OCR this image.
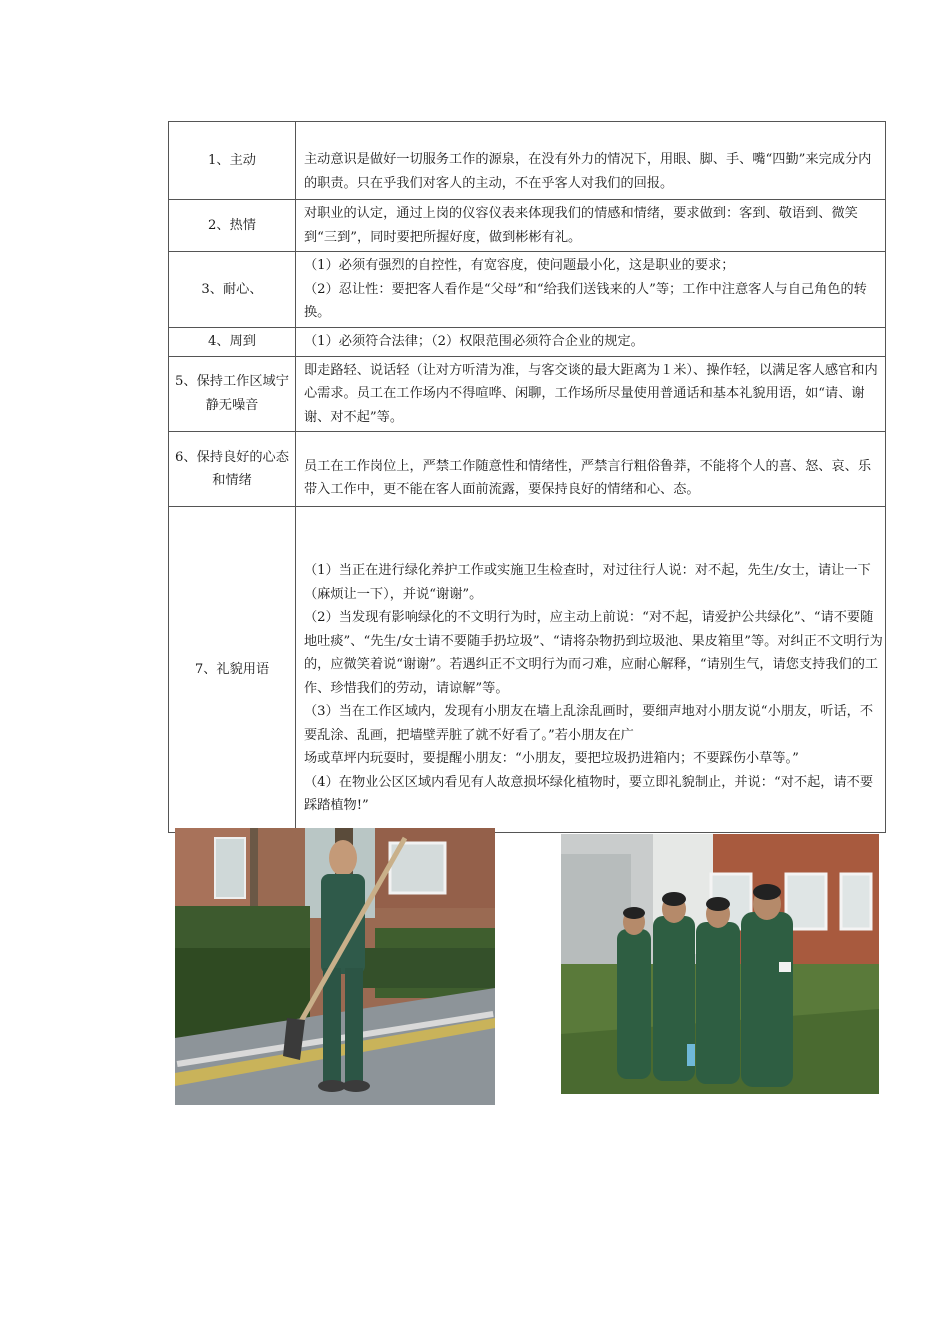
1、主动	主动意识是做好一切服务工作的源泉，在没有外力的情况下，用眼、脚、手、嘴“四勤”来完成分内的职责。只在乎我们对客人的主动，不在乎客人对我们的回报。

2、热情	对职业的认定，通过上岗的仪容仪表来体现我们的情感和情绪，要求做到：客到、敬语到、微笑到“三到”，同时要把所握好度，做到彬彬有礼。

3、耐心、	（1）必须有强烈的自控性，有宽容度，使问题最小化，这是职业的要求；
（2）忍让性：要把客人看作是“父母”和“给我们送钱来的人”等；工作中注意客人与自己角色的转换。

4、周到	（1）必须符合法律；（2）权限范围必须符合企业的规定。

5、保持工作区域宁静无噪音	即走路轻、说话轻（让对方听清为准，与客交谈的最大距离为１米）、操作轻，以满足客人感官和内心需求。员工在工作场内不得喧哗、闲聊，工作场所尽量使用普通话和基本礼貌用语，如“请、谢谢、对不起”等。

6、保持良好的心态和情绪	员工在工作岗位上，严禁工作随意性和情绪性，严禁言行粗俗鲁莽，不能将个人的喜、怒、哀、乐带入工作中，更不能在客人面前流露，要保持良好的情绪和心、态。

7、礼貌用语	（1）当正在进行绿化养护工作或实施卫生检查时，对过往行人说：对不起，先生/女士，请让一下（麻烦让一下），并说“谢谢”。
（2）当发现有影响绿化的不文明行为时，应主动上前说：“对不起，请爱护公共绿化”、“请不要随地吐痰”、“先生/女士请不要随手扔垃圾”、“请将杂物扔到垃圾池、果皮箱里”等。对纠正不文明行为的，应微笑着说“谢谢”。若遇纠正不文明行为而刁难，应耐心解释，“请别生气，请您支持我们的工作、珍惜我们的劳动，请谅解”等。
（3）当在工作区域内，发现有小朋友在墙上乱涂乱画时，要细声地对小朋友说“小朋友，听话，不要乱涂、乱画，把墙壁弄脏了就不好看了。”若小朋友在广
场或草坪内玩耍时，要提醒小朋友：“小朋友，要把垃圾扔进箱内；不要踩伤小草等。”
（4）在物业公区区域内看见有人故意损坏绿化植物时，要立即礼貌制止，并说：“对不起，请不要踩踏植物!”
